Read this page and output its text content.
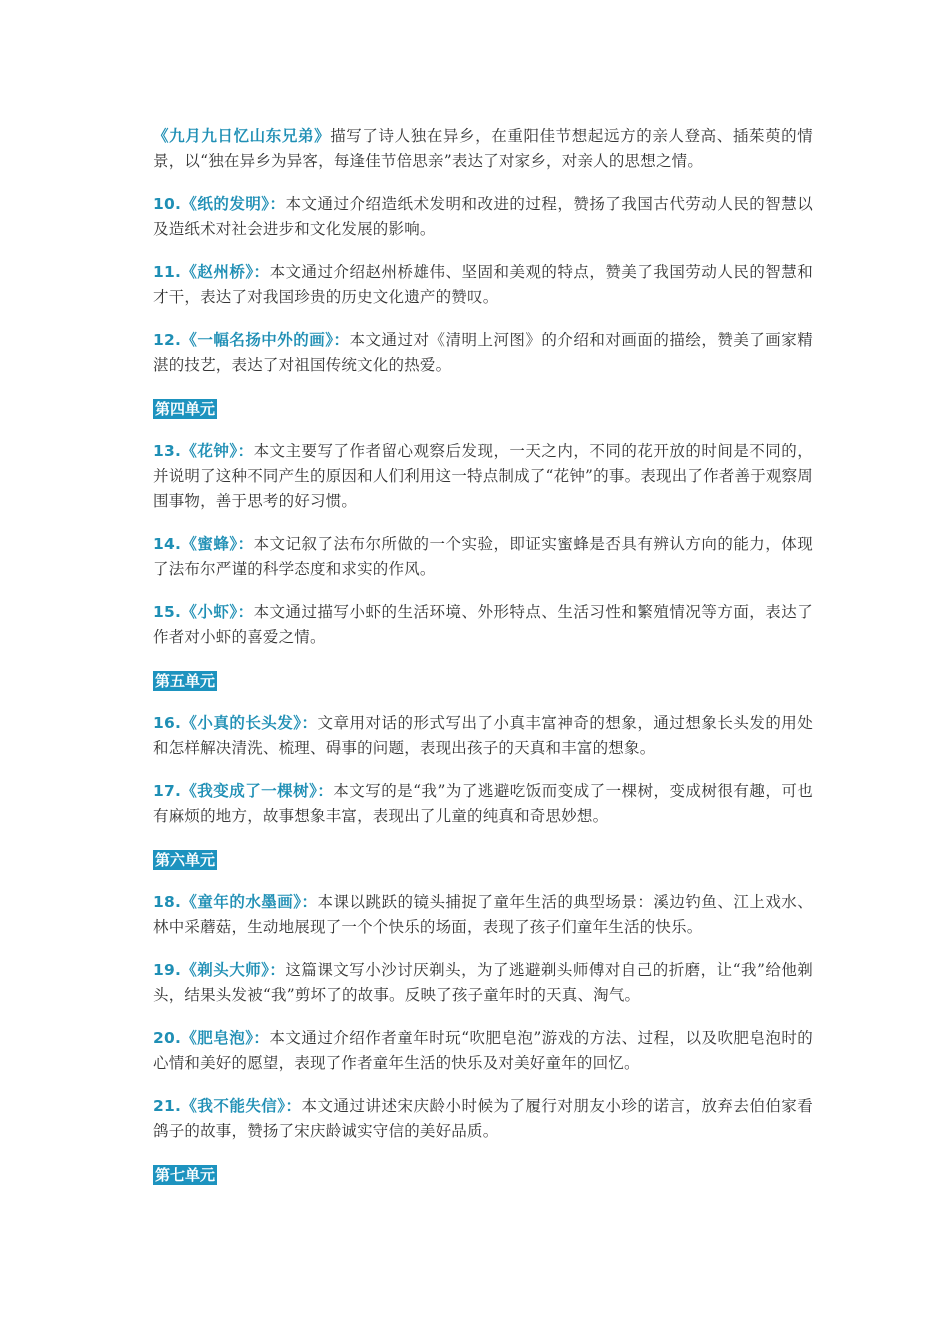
《九月九日忆山东兄弟》描写了诗人独在异乡，在重阳佳节想起远方的亲人登高、插茱萸的情景，以“独在异乡为异客，每逢佳节倍思亲”表达了对家乡，对亲人的思想之情。

10.《纸的发明》：本文通过介绍造纸术发明和改进的过程，赞扬了我国古代劳动人民的智慧以及造纸术对社会进步和文化发展的影响。

11.《赵州桥》：本文通过介绍赵州桥雄伟、坚固和美观的特点，赞美了我国劳动人民的智慧和才干，表达了对我国珍贵的历史文化遗产的赞叹。

12.《一幅名扬中外的画》：本文通过对《清明上河图》的介绍和对画面的描绘，赞美了画家精湛的技艺，表达了对祖国传统文化的热爱。

第四单元

13.《花钟》：本文主要写了作者留心观察后发现，一天之内，不同的花开放的时间是不同的，并说明了这种不同产生的原因和人们利用这一特点制成了“花钟”的事。表现出了作者善于观察周围事物，善于思考的好习惯。

14.《蜜蜂》：本文记叙了法布尔所做的一个实验，即证实蜜蜂是否具有辨认方向的能力，体现了法布尔严谨的科学态度和求实的作风。

15.《小虾》：本文通过描写小虾的生活环境、外形特点、生活习性和繁殖情况等方面，表达了作者对小虾的喜爱之情。

第五单元

16.《小真的长头发》：文章用对话的形式写出了小真丰富神奇的想象，通过想象长头发的用处和怎样解决清洗、梳理、碍事的问题，表现出孩子的天真和丰富的想象。

17.《我变成了一棵树》：本文写的是“我”为了逃避吃饭而变成了一棵树，变成树很有趣，可也有麻烦的地方，故事想象丰富，表现出了儿童的纯真和奇思妙想。

第六单元

18.《童年的水墨画》：本课以跳跃的镜头捕捉了童年生活的典型场景：溪边钓鱼、江上戏水、林中采蘑菇，生动地展现了一个个快乐的场面，表现了孩子们童年生活的快乐。

19.《剃头大师》：这篇课文写小沙讨厌剃头，为了逃避剃头师傅对自己的折磨，让“我”给他剃头，结果头发被“我”剪坏了的故事。反映了孩子童年时的天真、淘气。

20.《肥皂泡》：本文通过介绍作者童年时玩“吹肥皂泡”游戏的方法、过程，以及吹肥皂泡时的心情和美好的愿望，表现了作者童年生活的快乐及对美好童年的回忆。

21.《我不能失信》：本文通过讲述宋庆龄小时候为了履行对朋友小珍的诺言，放弃去伯伯家看鸽子的故事，赞扬了宋庆龄诚实守信的美好品质。

第七单元
